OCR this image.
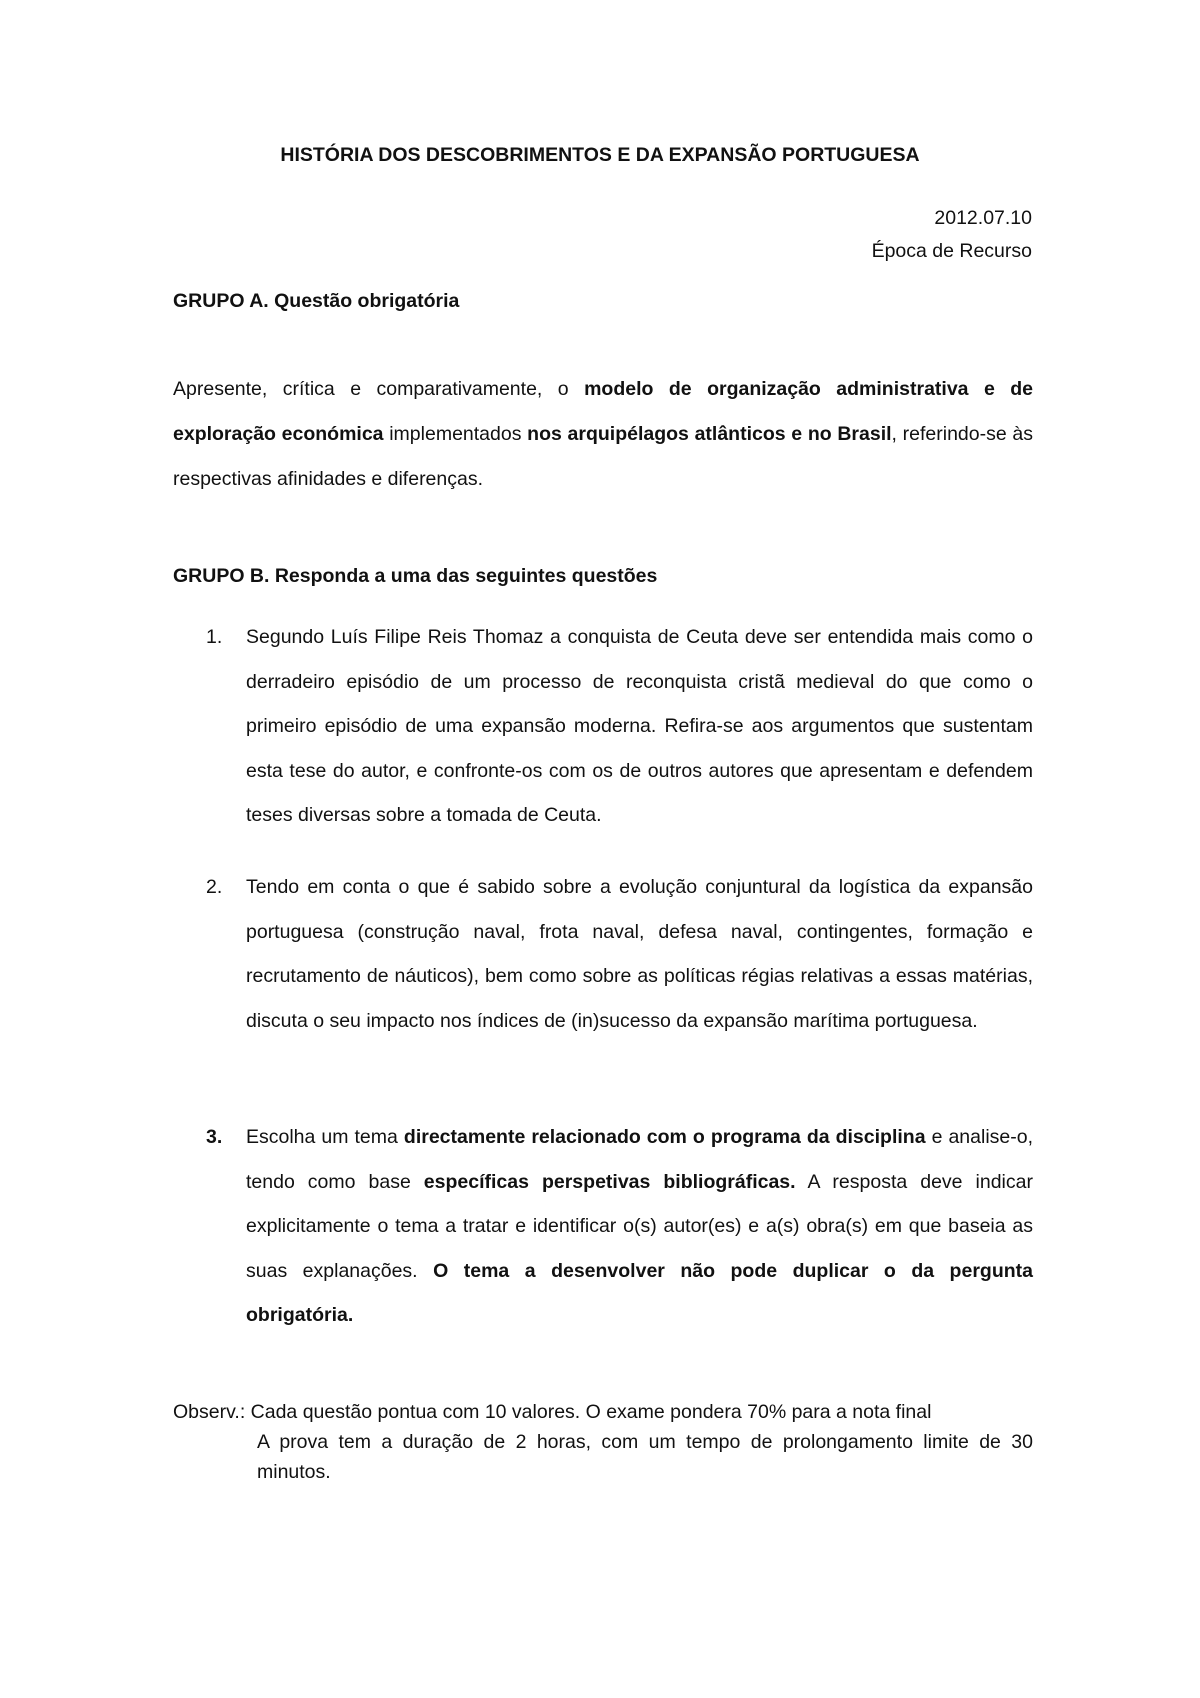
HISTÓRIA DOS DESCOBRIMENTOS E DA EXPANSÃO PORTUGUESA
2012.07.10
Época de Recurso
GRUPO A. Questão obrigatória
Apresente, crítica e comparativamente, o modelo de organização administrativa e de exploração económica implementados nos arquipélagos atlânticos e no Brasil, referindo-se às respectivas afinidades e diferenças.
GRUPO B. Responda a uma das seguintes questões
1. Segundo Luís Filipe Reis Thomaz a conquista de Ceuta deve ser entendida mais como o derradeiro episódio de um processo de reconquista cristã medieval do que como o primeiro episódio de uma expansão moderna. Refira-se aos argumentos que sustentam esta tese do autor, e confronte-os com os de outros autores que apresentam e defendem teses diversas sobre a tomada de Ceuta.
2. Tendo em conta o que é sabido sobre a evolução conjuntural da logística da expansão portuguesa (construção naval, frota naval, defesa naval, contingentes, formação e recrutamento de náuticos), bem como sobre as políticas régias relativas a essas matérias, discuta o seu impacto nos índices de (in)sucesso da expansão marítima portuguesa.
3. Escolha um tema directamente relacionado com o programa da disciplina e analise-o, tendo como base específicas perspetivas bibliográficas. A resposta deve indicar explicitamente o tema a tratar e identificar o(s) autor(es) e a(s) obra(s) em que baseia as suas explanações. O tema a desenvolver não pode duplicar o da pergunta obrigatória.
Observ.: Cada questão pontua com 10 valores. O exame pondera 70% para a nota final
A prova tem a duração de 2 horas, com um tempo de prolongamento limite de 30 minutos.
